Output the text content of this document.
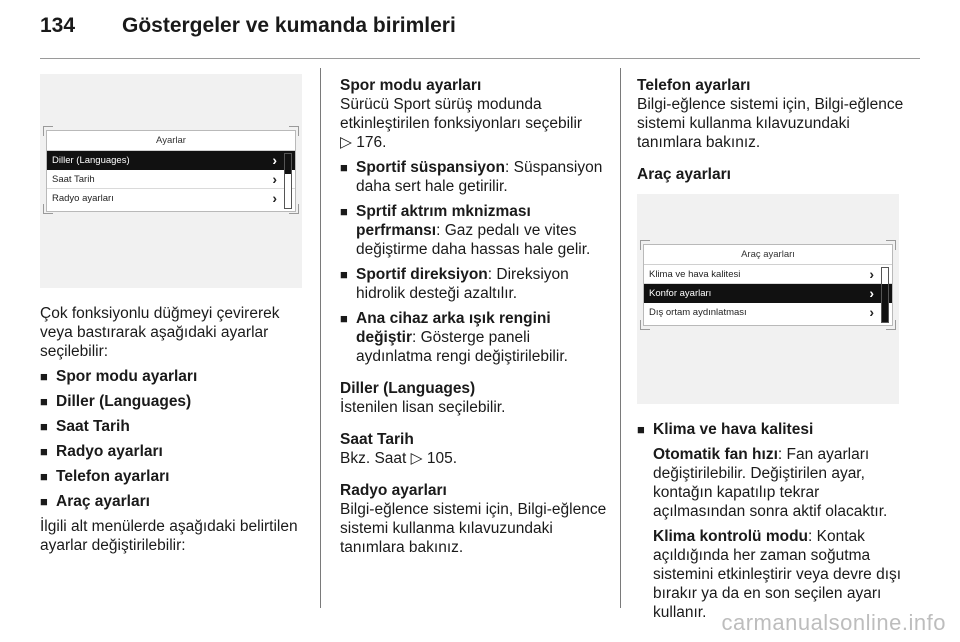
134	Göstergeler ve kumanda birimleri
Ayarlar
Diller (Languages)	›
Saat Tarih	›
Radyo ayarları	›

Çok fonksiyonlu düğmeyi çevirerek veya bastırarak aşağıdaki ayarlar seçilebilir:

■ Spor modu ayarları
■ Diller (Languages)
■ Saat Tarih
■ Radyo ayarları
■ Telefon ayarları
■ Araç ayarları

İlgili alt menülerde aşağıdaki belirtilen ayarlar değiştirilebilir:

Spor modu ayarları

Sürücü Sport sürüş modunda etkinleştirilen fonksiyonları seçebilir
▷ 176.

■ Sportif süspansiyon: Süspansiyon daha sert hale getirilir.
■ Sprtif aktrım mknizması perfrmansı: Gaz pedalı ve vites değiştirme daha hassas hale gelir.
■ Sportif direksiyon: Direksiyon hidrolik desteği azaltılır.
■ Ana cihaz arka ışık rengini değiştir: Gösterge paneli aydınlatma rengi değiştirilebilir.

Diller (Languages)

İstenilen lisan seçilebilir.

Saat Tarih

Bkz. Saat ▷ 105.

Radyo ayarları

Bilgi-eğlence sistemi için, Bilgi-eğlence sistemi kullanma kılavuzundaki tanımlara bakınız.

Telefon ayarları

Bilgi-eğlence sistemi için, Bilgi-eğlence sistemi kullanma kılavuzundaki tanımlara bakınız.

Araç ayarları

Araç ayarları
Klima ve hava kalitesi	›
Konfor ayarları	›
Dış ortam aydınlatması	›
■ Klima ve hava kalitesi

Otomatik fan hızı: Fan ayarları değiştirilebilir. Değiştirilen ayar, kontağın kapatılıp tekrar açılmasından sonra aktif olacaktır.

Klima kontrolü modu: Kontak açıldığında her zaman soğutma sistemini etkinleştirir veya devre dışı bırakır ya da en son seçilen ayarı kullanır. carmanualsonline.info
